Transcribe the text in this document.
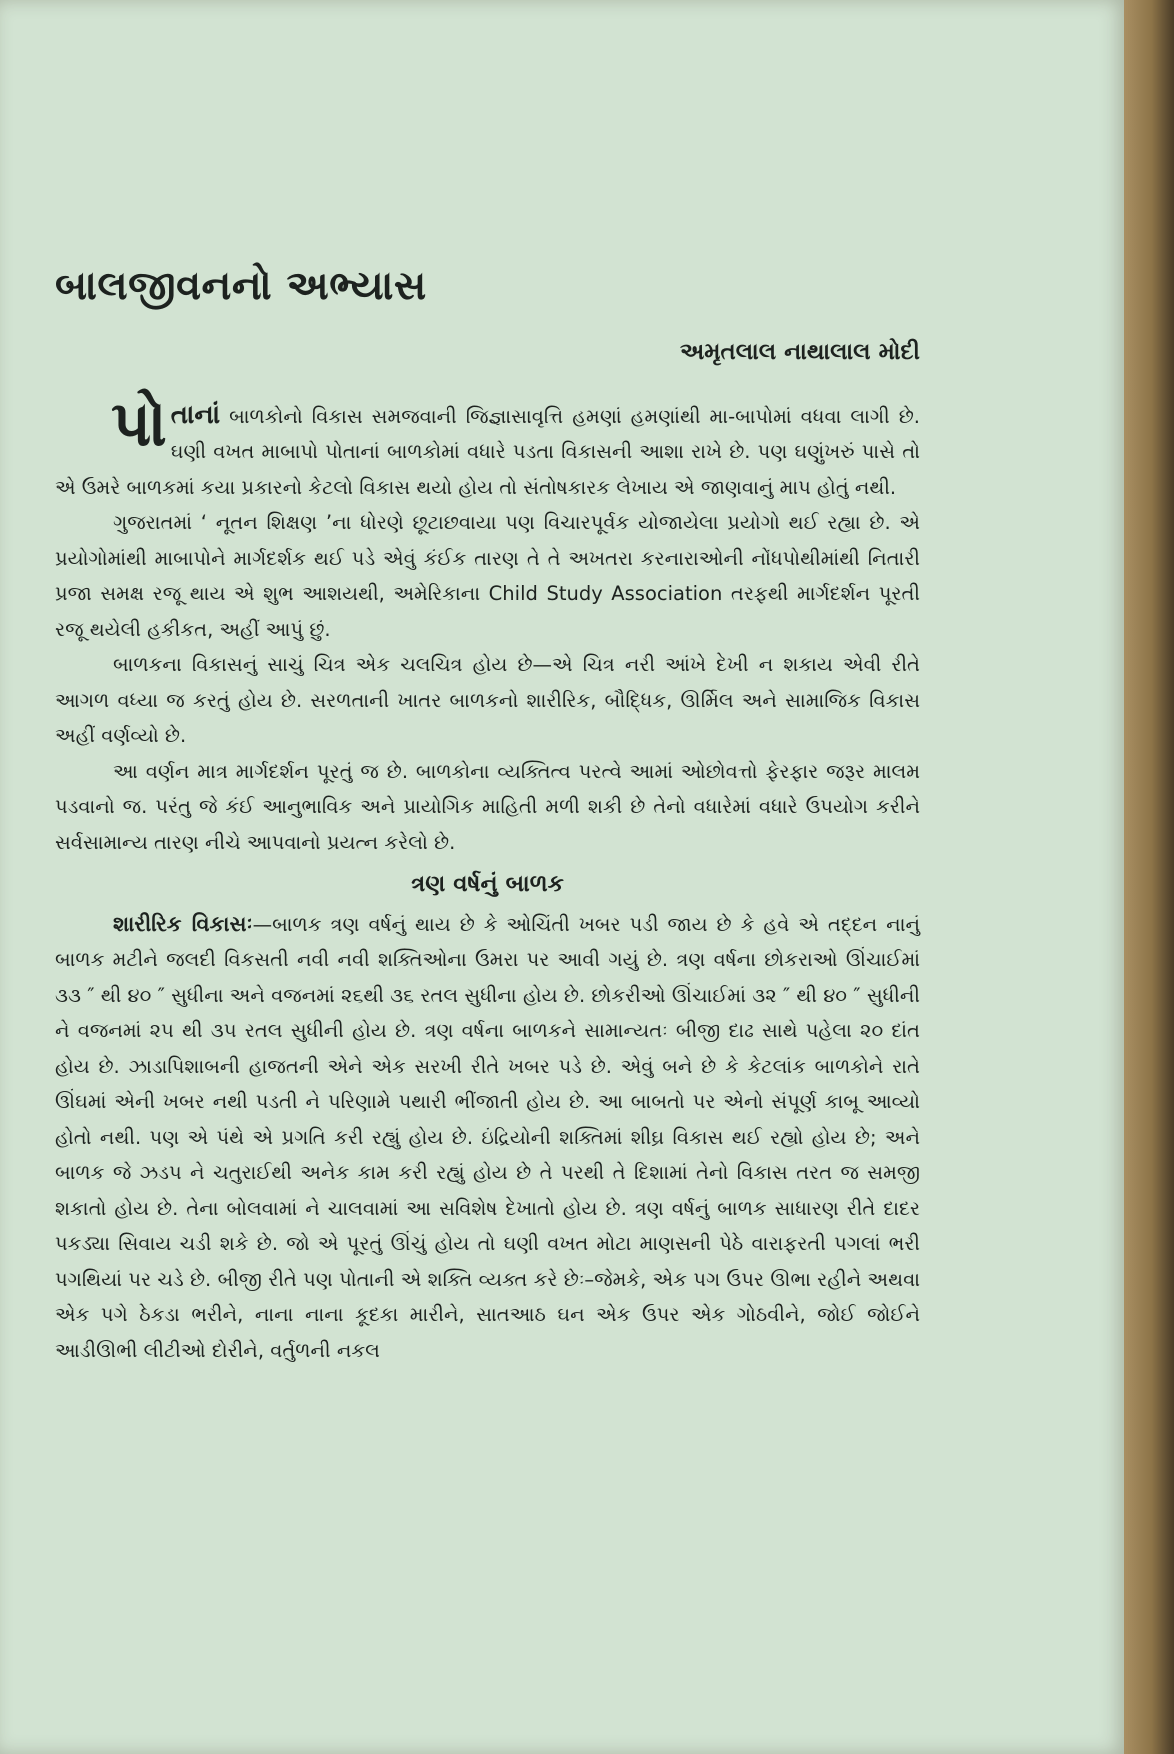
બાલજીવનનો અભ્યાસ
અમૃતલાલ નાથાલાલ મોદી

પોતાનાં બાળકોનો વિકાસ સમજવાની જિજ્ઞાસાવૃત્તિ હમણાં હમણાંથી મા-બાપોમાં વધવા લાગી છે. ઘણી વખત માબાપો પોતાનાં બાળકોમાં વધારે પડતા વિકાસની આશા રાખે છે. પણ ઘણુંખરું પાસે તો એ ઉમરે બાળકમાં કયા પ્રકારનો કેટલો વિકાસ થયો હોય તો સંતોષકારક લેખાય એ જાણવાનું માપ હોતું નથી.

ગુજરાતમાં ‘ નૂતન શિક્ષણ ’ના ધોરણે છૂટાછવાયા પણ વિચારપૂર્વક યોજાયેલા પ્રયોગો થઈ રહ્યા છે. એ પ્રયોગોમાંથી માબાપોને માર્ગદર્શક થઈ પડે એવું કંઈક તારણ તે તે અખતરા કરનારાઓની નોંધપોથીમાંથી નિતારી પ્રજા સમક્ષ રજૂ થાય એ શુભ આશયથી, અમેરિકાના Child Study Association તરફથી માર્ગદર્શન પૂરતી રજૂ થયેલી હકીકત, અહીં આપું છું.

બાળકના વિકાસનું સાચું ચિત્ર એક ચલચિત્ર હોય છે—એ ચિત્ર નરી આંખે દેખી ન શકાય એવી રીતે આગળ વધ્યા જ કરતું હોય છે. સરળતાની ખાતર બાળકનો શારીરિક, બૌદ્ધિક, ઊર્મિલ અને સામાજિક વિકાસ અહીં વર્ણવ્યો છે.

આ વર્ણન માત્ર માર્ગદર્શન પૂરતું જ છે. બાળકોના વ્યક્તિત્વ પરત્વે આમાં ઓછોવત્તો ફેરફાર જરૂર માલમ પડવાનો જ. પરંતુ જે કંઈ આનુભાવિક અને પ્રાયોગિક માહિતી મળી શકી છે તેનો વધારેમાં વધારે ઉપયોગ કરીને સર્વસામાન્ય તારણ નીચે આપવાનો પ્રયત્ન કરેલો છે.

ત્રણ વર્ષનું બાળક

શારીરિક વિકાસઃ—બાળક ત્રણ વર્ષનું થાય છે કે ઓચિંતી ખબર પડી જાય છે કે હવે એ તદ્દન નાનું બાળક મટીને જલદી વિકસતી નવી નવી શક્તિઓના ઉમરા પર આવી ગયું છે. ત્રણ વર્ષના છોકરાઓ ઊંચાઈમાં ૩૩ ″ થી ૪૦ ″ સુધીના અને વજનમાં ૨૬થી ૩૬ રતલ સુધીના હોય છે. છોકરીઓ ઊંચાઈમાં ૩૨ ″ થી ૪૦ ″ સુધીની ને વજનમાં ૨૫ થી ૩૫ રતલ સુધીની હોય છે. ત્રણ વર્ષના બાળકને સામાન્યતઃ બીજી દાઢ સાથે પહેલા ૨૦ દાંત હોય છે. ઝાડાપિશાબની હાજતની એને એક સરખી રીતે ખબર પડે છે. એવું બને છે કે કેટલાંક બાળકોને રાતે ઊંઘમાં એની ખબર નથી પડતી ને પરિણામે પથારી ભીંજાતી હોય છે. આ બાબતો પર એનો સંપૂર્ણ કાબૂ આવ્યો હોતો નથી. પણ એ પંથે એ પ્રગતિ કરી રહ્યું હોય છે. ઇંદ્રિયોની શક્તિમાં શીઘ્ર વિકાસ થઈ રહ્યો હોય છે; અને બાળક જે ઝડપ ને ચતુરાઈથી અનેક કામ કરી રહ્યું હોય છે તે પરથી તે દિશામાં તેનો વિકાસ તરત જ સમજી શકાતો હોય છે. તેના બોલવામાં ને ચાલવામાં આ સવિશેષ દેખાતો હોય છે. ત્રણ વર્ષનું બાળક સાધારણ રીતે દાદર પકડ્યા સિવાય ચડી શકે છે. જો એ પૂરતું ઊંચું હોય તો ઘણી વખત મોટા માણસની પેઠે વારાફરતી પગલાં ભરી પગથિયાં પર ચડે છે. બીજી રીતે પણ પોતાની એ શક્તિ વ્યક્ત કરે છેઃ–જેમકે, એક પગ ઉપર ઊભા રહીને અથવા એક પગે ઠેકડા ભરીને, નાના નાના કૂદકા મારીને, સાતઆઠ ઘન એક ઉપર એક ગોઠવીને, જોઈ જોઈને આડીઊભી લીટીઓ દોરીને, વર્તુળની નકલ
